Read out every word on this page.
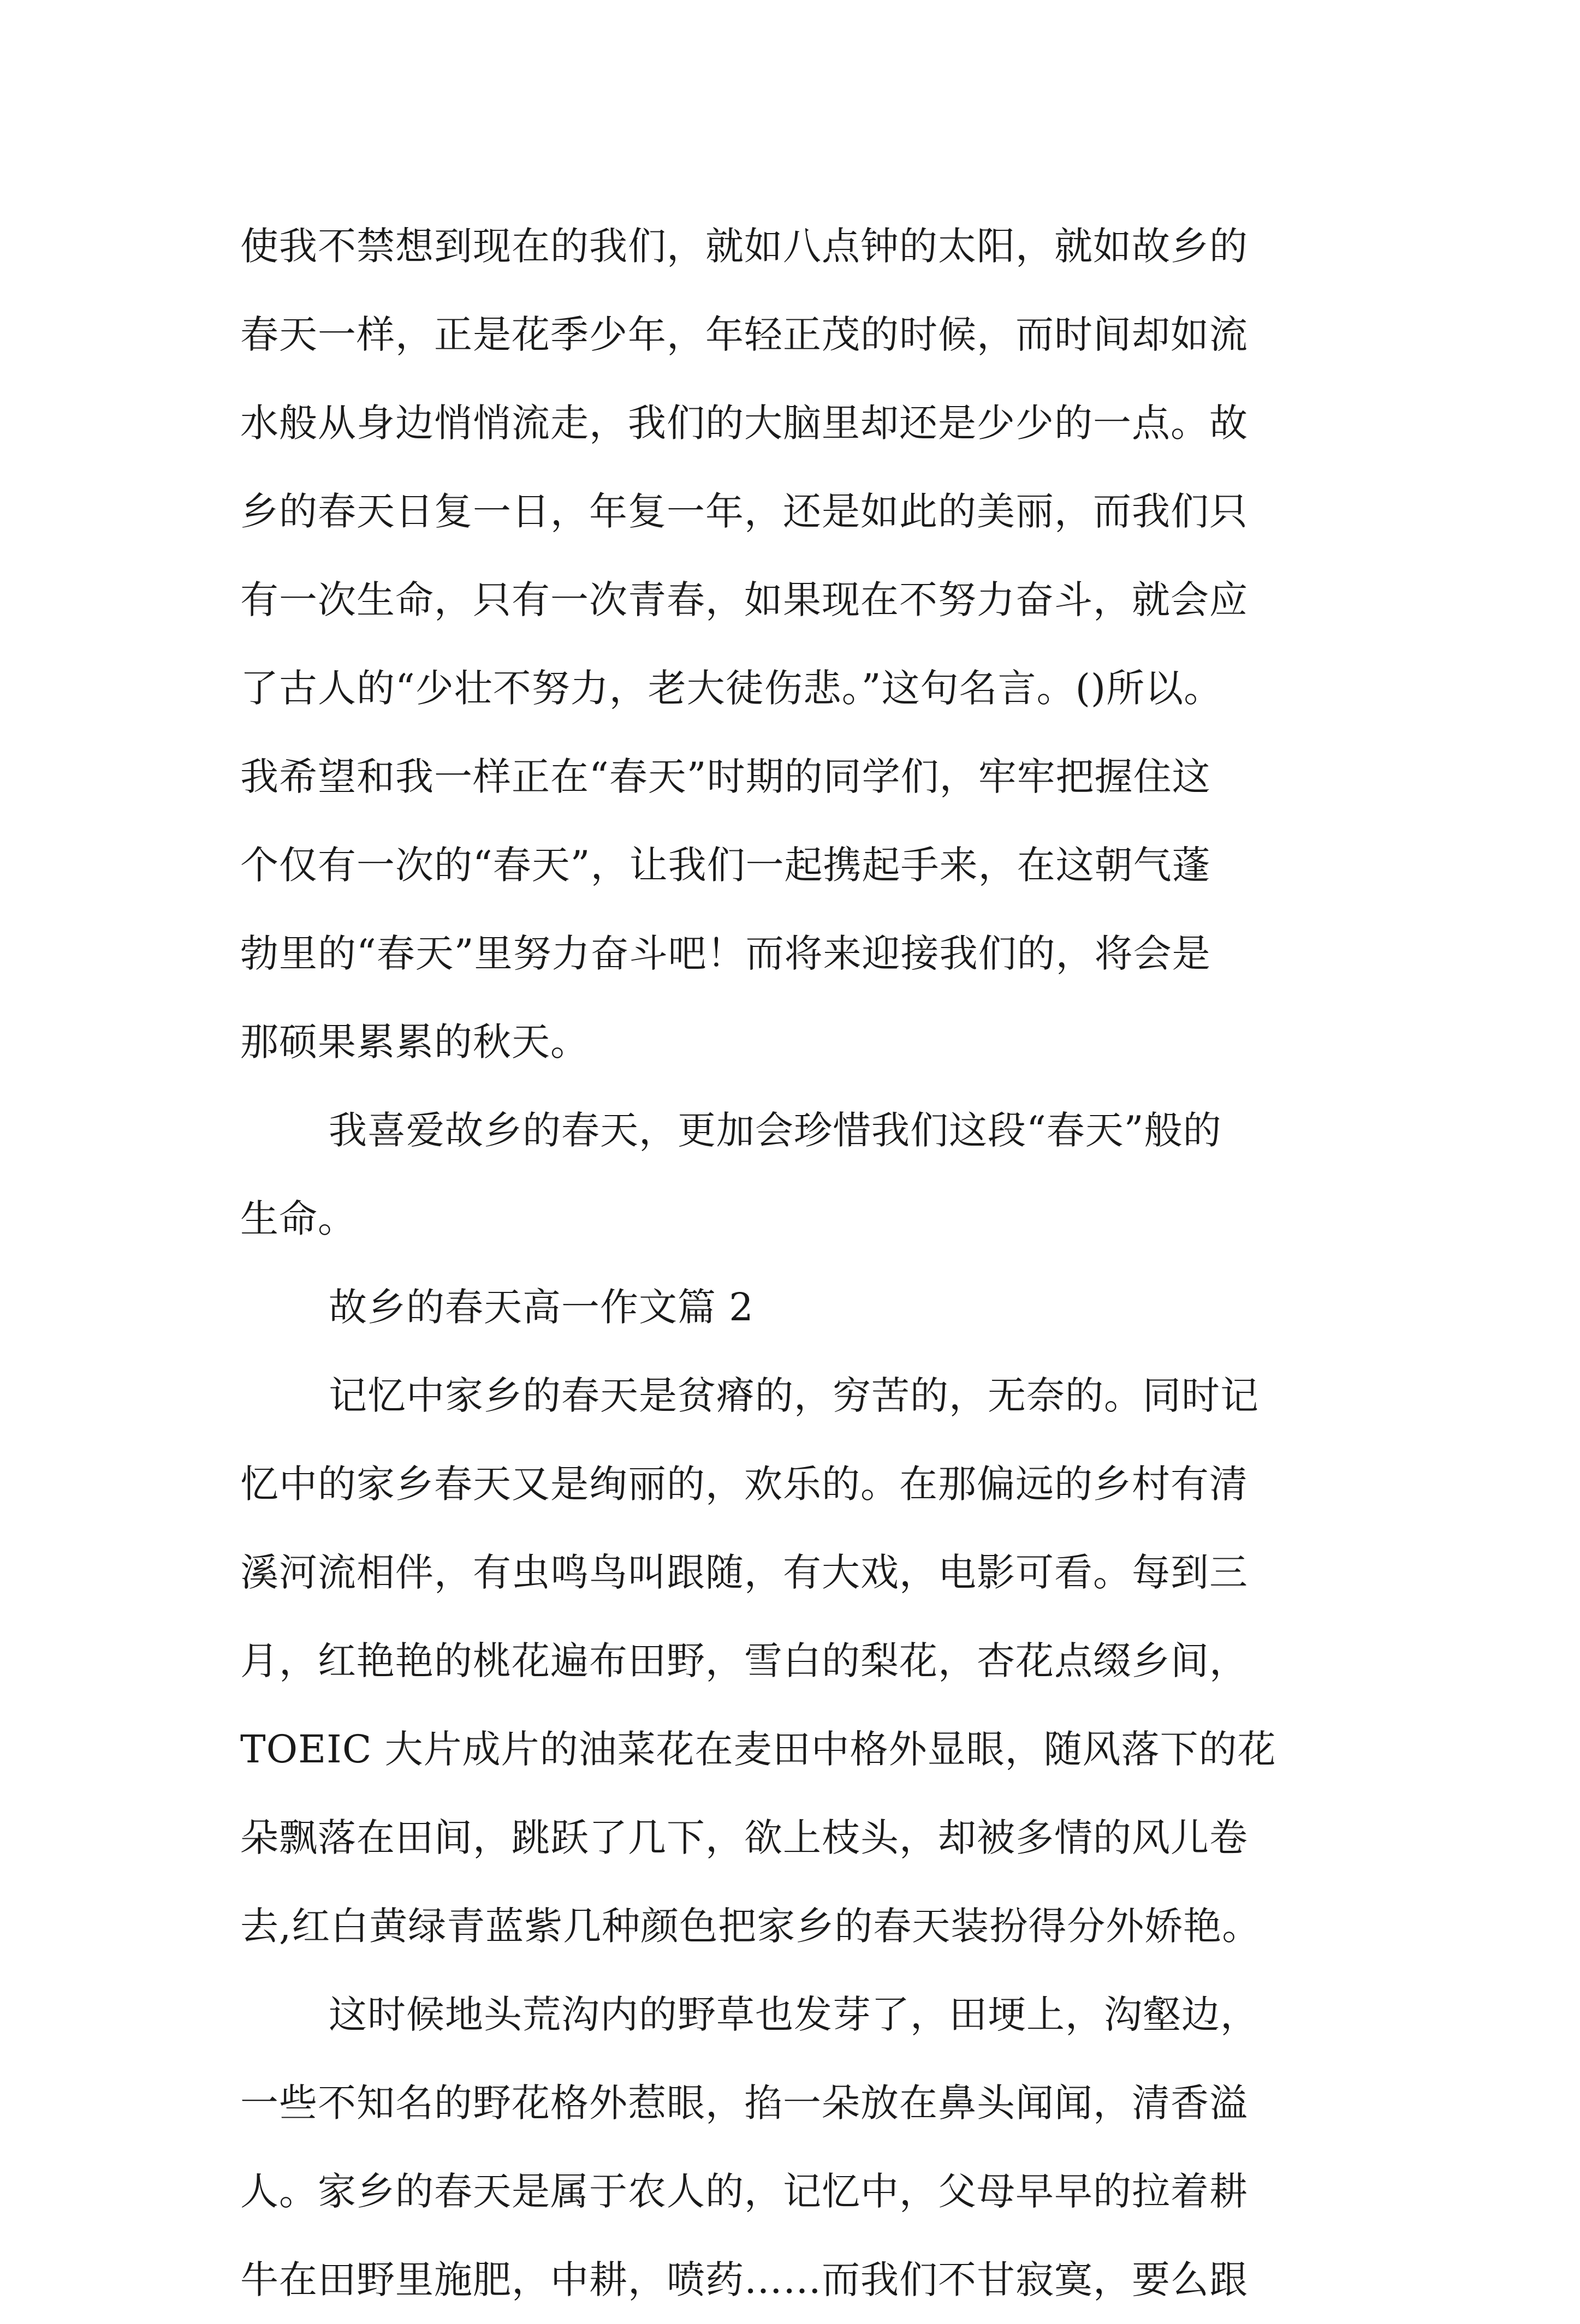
使我不禁想到现在的我们，就如八点钟的太阳，就如故乡的
春天一样，正是花季少年，年轻正茂的时候，而时间却如流
水般从身边悄悄流走，我们的大脑里却还是少少的一点。故
乡的春天日复一日，年复一年，还是如此的美丽，而我们只
有一次生命，只有一次青春，如果现在不努力奋斗，就会应
了古人的“少壮不努力，老大徒伤悲。”这句名言。()所以。
我希望和我一样正在“春天”时期的同学们，牢牢把握住这
个仅有一次的“春天”，让我们一起携起手来，在这朝气蓬
勃里的“春天”里努力奋斗吧！而将来迎接我们的，将会是
那硕果累累的秋天。
我喜爱故乡的春天，更加会珍惜我们这段“春天”般的
生命。
故乡的春天高一作文篇 2
记忆中家乡的春天是贫瘠的，穷苦的，无奈的。同时记
忆中的家乡春天又是绚丽的，欢乐的。在那偏远的乡村有清
溪河流相伴，有虫鸣鸟叫跟随，有大戏，电影可看。每到三
月，红艳艳的桃花遍布田野，雪白的梨花，杏花点缀乡间，
TOEIC 大片成片的油菜花在麦田中格外显眼，随风落下的花
朵飘落在田间，跳跃了几下，欲上枝头，却被多情的风儿卷
去,红白黄绿青蓝紫几种颜色把家乡的春天装扮得分外娇艳。
这时候地头荒沟内的野草也发芽了，田埂上，沟壑边，
一些不知名的野花格外惹眼，掐一朵放在鼻头闻闻，清香溢
人。家乡的春天是属于农人的，记忆中，父母早早的拉着耕
牛在田野里施肥，中耕，喷药……而我们不甘寂寞，要么跟
